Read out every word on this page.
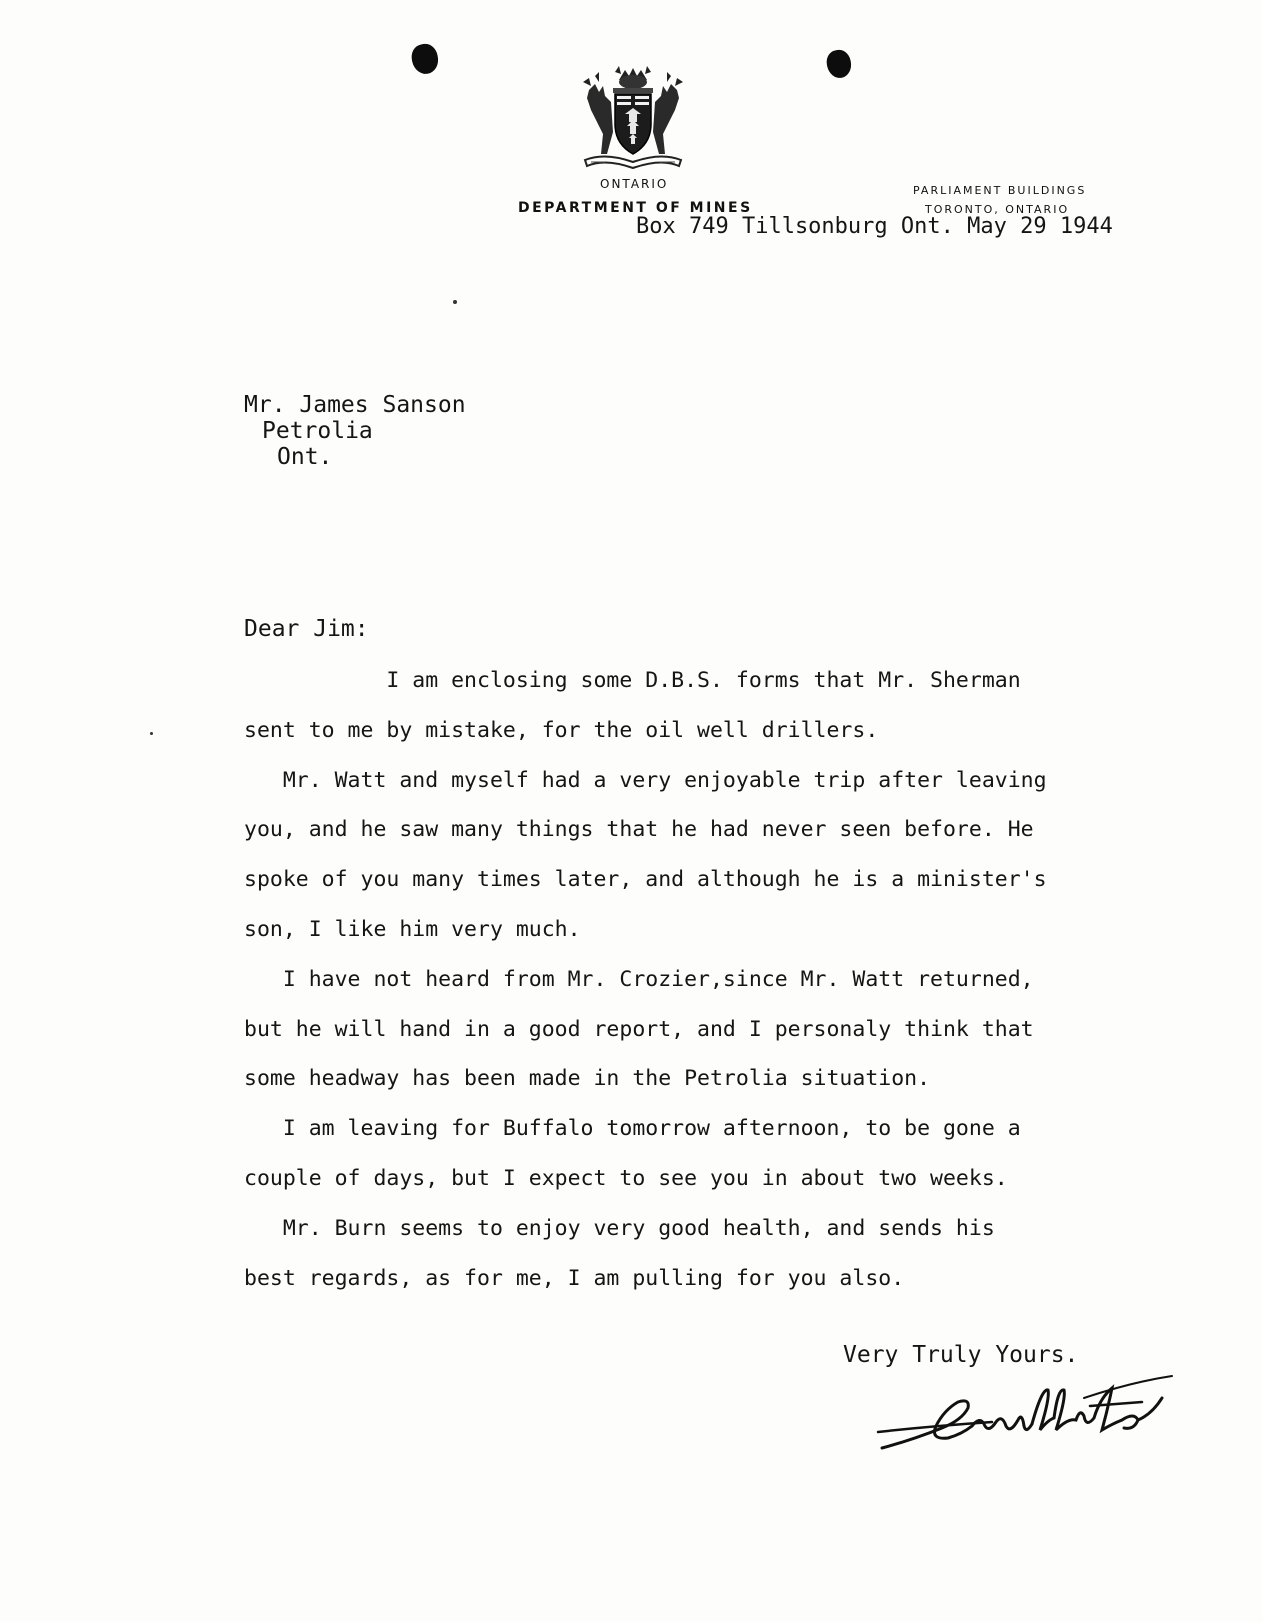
ONTARIO
DEPARTMENT OF MINES
PARLIAMENT BUILDINGS
TORONTO, ONTARIO
Box 749 Tillsonburg Ont. May 29 1944
Mr. James Sanson
Petrolia
Ont.
Dear Jim:
I am enclosing some D.B.S. forms that Mr. Sherman
sent to me by mistake, for the oil well drillers.
Mr. Watt and myself had a very enjoyable trip after leaving
you, and he saw many things that he had never seen before. He
spoke of you many times later, and although he is a minister's
son, I like him very much.
I have not heard from Mr. Crozier,since Mr. Watt returned,
but he will hand in a good report, and I personaly think that
some headway has been made in the Petrolia situation.
I am leaving for Buffalo tomorrow afternoon, to be gone a
couple of days, but I expect to see you in about two weeks.
Mr. Burn seems to enjoy very good health, and sends his
best regards, as for me, I am pulling for you also.
Very Truly Yours.
